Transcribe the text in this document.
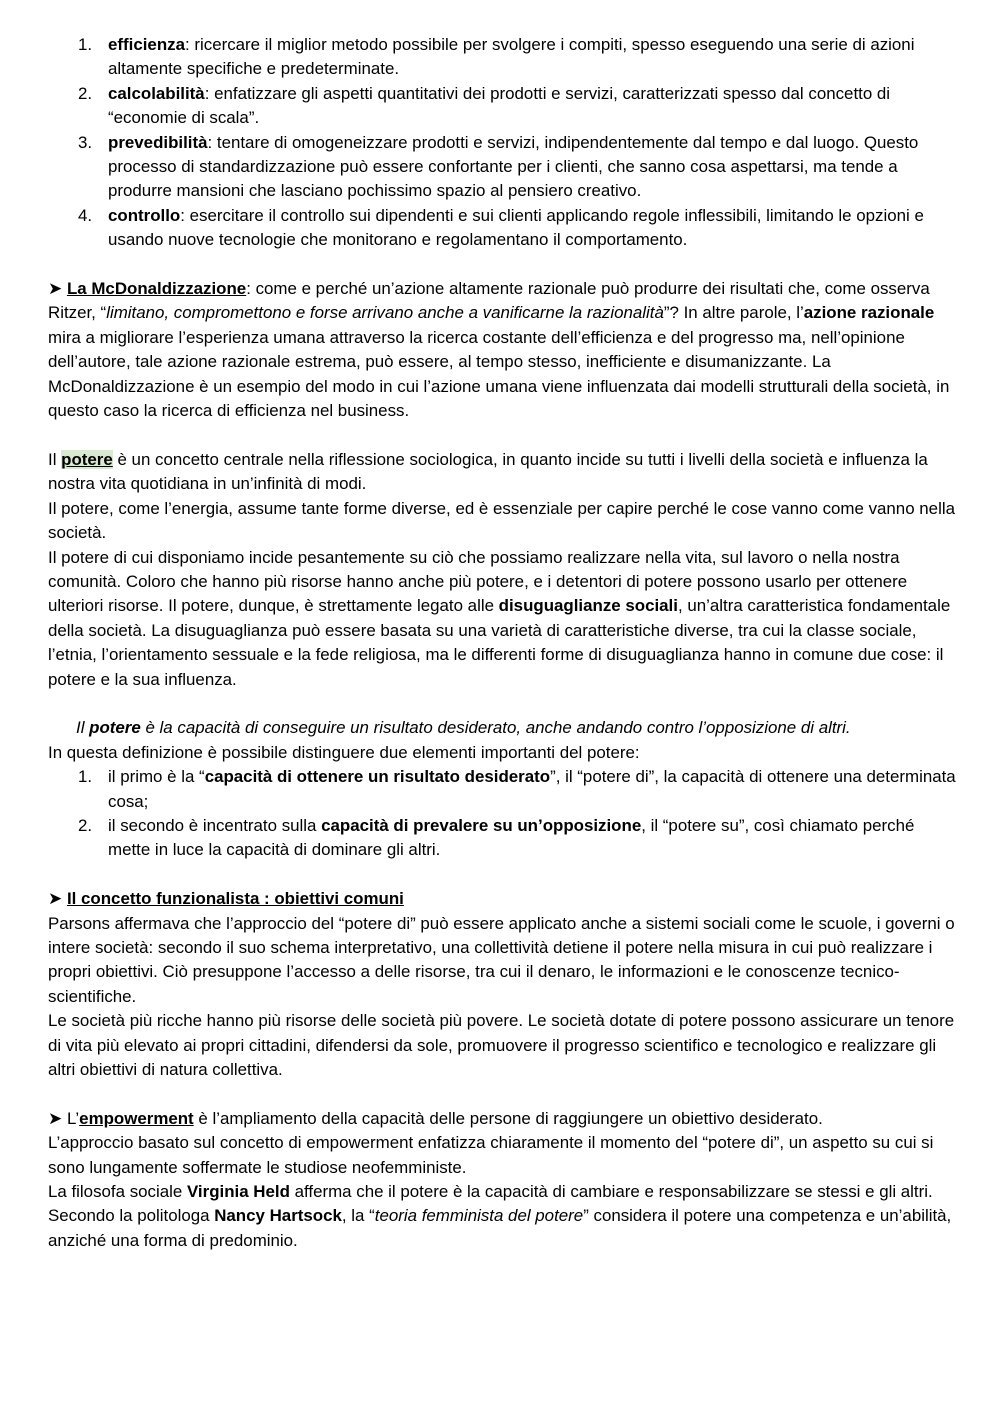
1. efficienza: ricercare il miglior metodo possibile per svolgere i compiti, spesso eseguendo una serie di azioni altamente specifiche e predeterminate.
2. calcolabilità: enfatizzare gli aspetti quantitativi dei prodotti e servizi, caratterizzati spesso dal concetto di “economie di scala”.
3. prevedibilità: tentare di omogeneizzare prodotti e servizi, indipendentemente dal tempo e dal luogo. Questo processo di standardizzazione può essere confortante per i clienti, che sanno cosa aspettarsi, ma tende a produrre mansioni che lasciano pochissimo spazio al pensiero creativo.
4. controllo: esercitare il controllo sui dipendenti e sui clienti applicando regole inflessibili, limitando le opzioni e usando nuove tecnologie che monitorano e regolamentano il comportamento.

➤ La McDonaldizzazione: come e perché un’azione altamente razionale può produrre dei risultati che, come osserva Ritzer, “limitano, compromettono e forse arrivano anche a vanificarne la razionalità”? In altre parole, l’azione razionale mira a migliorare l’esperienza umana attraverso la ricerca costante dell’efficienza e del progresso ma, nell’opinione dell’autore, tale azione razionale estrema, può essere, al tempo stesso, inefficiente e disumanizzante. La McDonaldizzazione è un esempio del modo in cui l’azione umana viene influenzata dai modelli strutturali della società, in questo caso la ricerca di efficienza nel business.

Il potere è un concetto centrale nella riflessione sociologica, in quanto incide su tutti i livelli della società e influenza la nostra vita quotidiana in un’infinità di modi.

Il potere, come l’energia, assume tante forme diverse, ed è essenziale per capire perché le cose vanno come vanno nella società.

Il potere di cui disponiamo incide pesantemente su ciò che possiamo realizzare nella vita, sul lavoro o nella nostra comunità. Coloro che hanno più risorse hanno anche più potere, e i detentori di potere possono usarlo per ottenere ulteriori risorse. Il potere, dunque, è strettamente legato alle disuguaglianze sociali, un’altra caratteristica fondamentale della società. La disuguaglianza può essere basata su una varietà di caratteristiche diverse, tra cui la classe sociale, l’etnia, l’orientamento sessuale e la fede religiosa, ma le differenti forme di disuguaglianza hanno in comune due cose: il potere e la sua influenza.

Il potere è la capacità di conseguire un risultato desiderato, anche andando contro l’opposizione di altri.

In questa definizione è possibile distinguere due elementi importanti del potere:

1. il primo è la “capacità di ottenere un risultato desiderato”, il “potere di”, la capacità di ottenere una determinata cosa;
2. il secondo è incentrato sulla capacità di prevalere su un’opposizione, il “potere su”, così chiamato perché mette in luce la capacità di dominare gli altri.

➤ Il concetto funzionalista : obiettivi comuni

Parsons affermava che l’approccio del “potere di” può essere applicato anche a sistemi sociali come le scuole, i governi o intere società: secondo il suo schema interpretativo, una collettività detiene il potere nella misura in cui può realizzare i propri obiettivi. Ciò presuppone l’accesso a delle risorse, tra cui il denaro, le informazioni e le conoscenze tecnico-scientifiche.

Le società più ricche hanno più risorse delle società più povere. Le società dotate di potere possono assicurare un tenore di vita più elevato ai propri cittadini, difendersi da sole, promuovere il progresso scientifico e tecnologico e realizzare gli altri obiettivi di natura collettiva.

➤ L’empowerment è l’ampliamento della capacità delle persone di raggiungere un obiettivo desiderato.

L’approccio basato sul concetto di empowerment enfatizza chiaramente il momento del “potere di”, un aspetto su cui si sono lungamente soffermate le studiose neofemministe.

La filosofa sociale Virginia Held afferma che il potere è la capacità di cambiare e responsabilizzare se stessi e gli altri.

Secondo la politologa Nancy Hartsock, la “teoria femminista del potere” considera il potere una competenza e un’abilità, anziché una forma di predominio.
